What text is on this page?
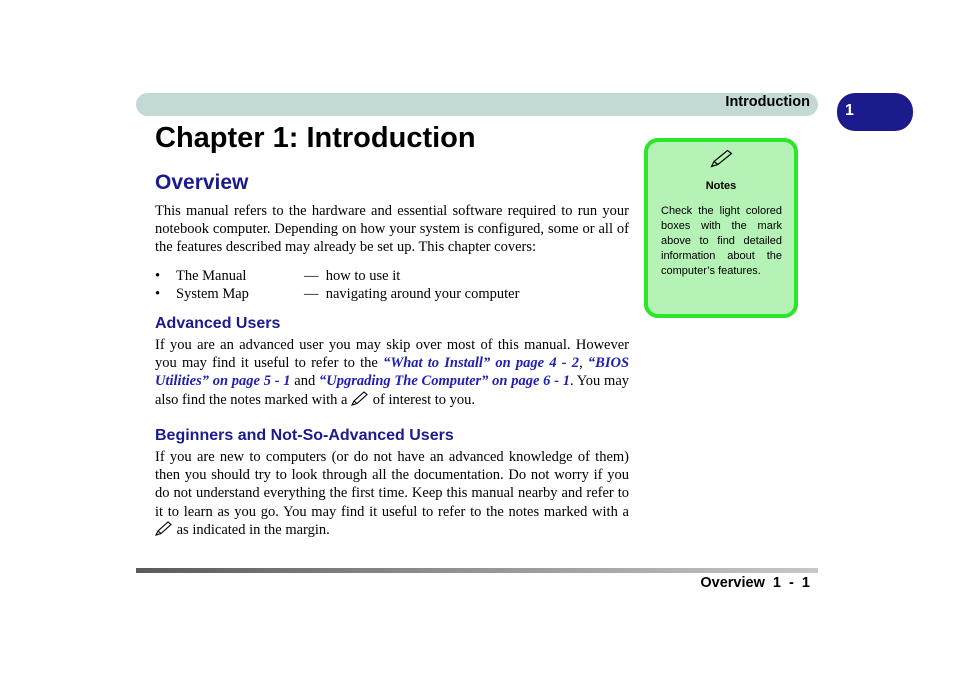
Introduction 1
Chapter 1: Introduction
Overview

This manual refers to the hardware and essential software required to run your notebook computer. Depending on how your system is configured, some or all of the features described may already be set up. This chapter covers:

• The Manual	— how to use it
• System Map	— navigating around your computer
Advanced Users

If you are an advanced user you may skip over most of this manual. However you may find it useful to refer to the “What to Install” on page 4 - 2, “BIOS Utilities” on page 5 - 1 and “Upgrading The Computer” on page 6 - 1. You may also find the notes marked with a  of interest to you.

Beginners and Not-So-Advanced Users

If you are new to computers (or do not have an advanced knowledge of them) then you should try to look through all the documentation. Do not worry if you do not understand everything the first time. Keep this manual nearby and refer to it to learn as you go. You may find it useful to refer to the notes marked with a  as indicated in the margin.

Notes

Check the light colored boxes with the mark above to find detailed information about the computer’s features.

Overview  1  -  1
